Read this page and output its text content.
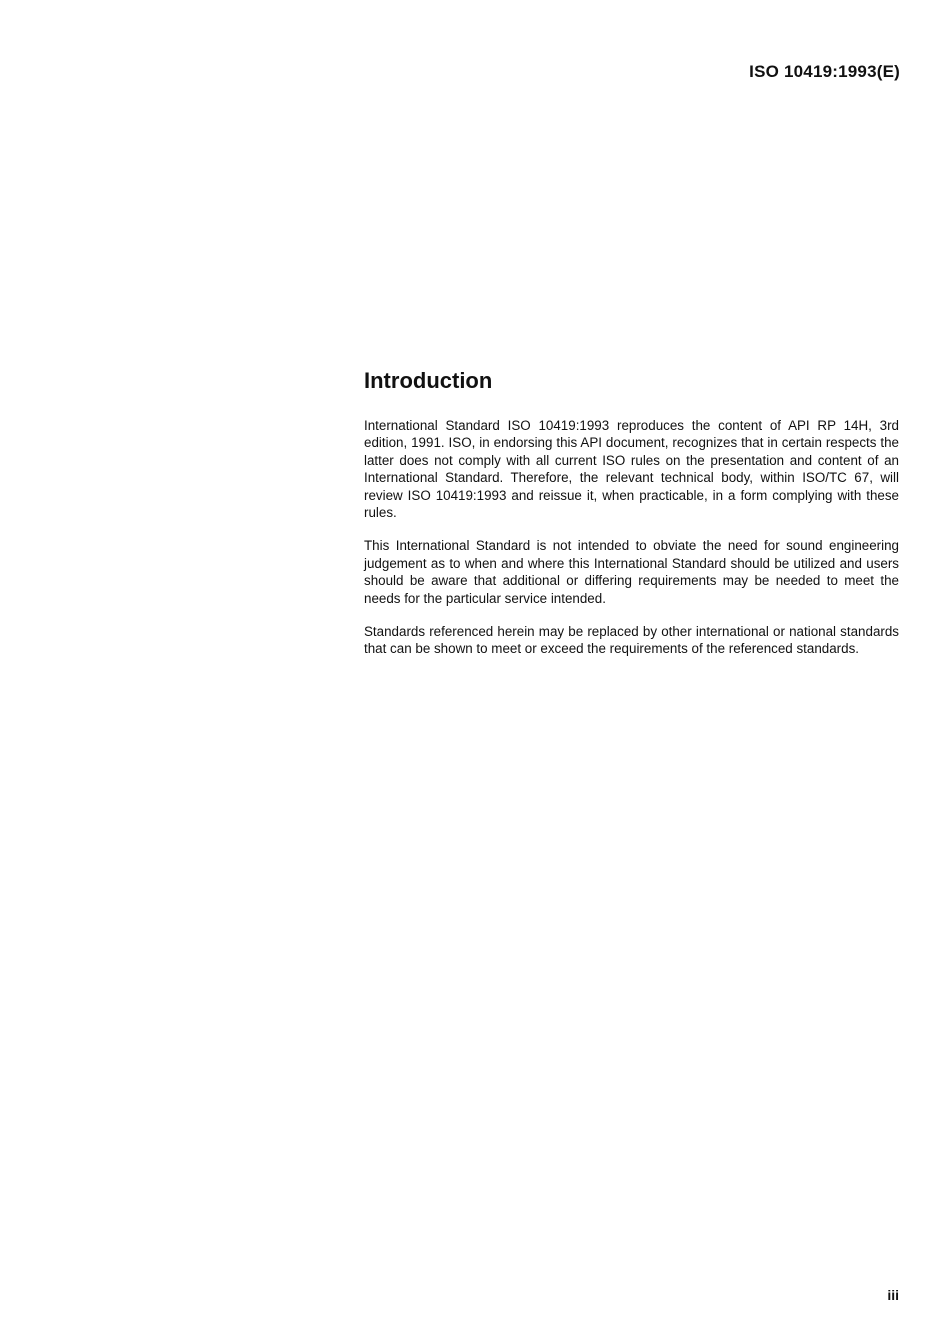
ISO 10419:1993(E)
Introduction

International Standard ISO 10419:1993 reproduces the content of API RP 14H, 3rd edition, 1991. ISO, in endorsing this API document, recognizes that in certain respects the latter does not comply with all current ISO rules on the presentation and content of an International Standard. Therefore, the relevant technical body, within ISO/TC 67, will review ISO 10419:1993 and reissue it, when practicable, in a form complying with these rules.

This International Standard is not intended to obviate the need for sound engineering judgement as to when and where this International Standard should be utilized and users should be aware that additional or differing requirements may be needed to meet the needs for the particular service intended.

Standards referenced herein may be replaced by other international or national standards that can be shown to meet or exceed the requirements of the referenced standards.

iii
